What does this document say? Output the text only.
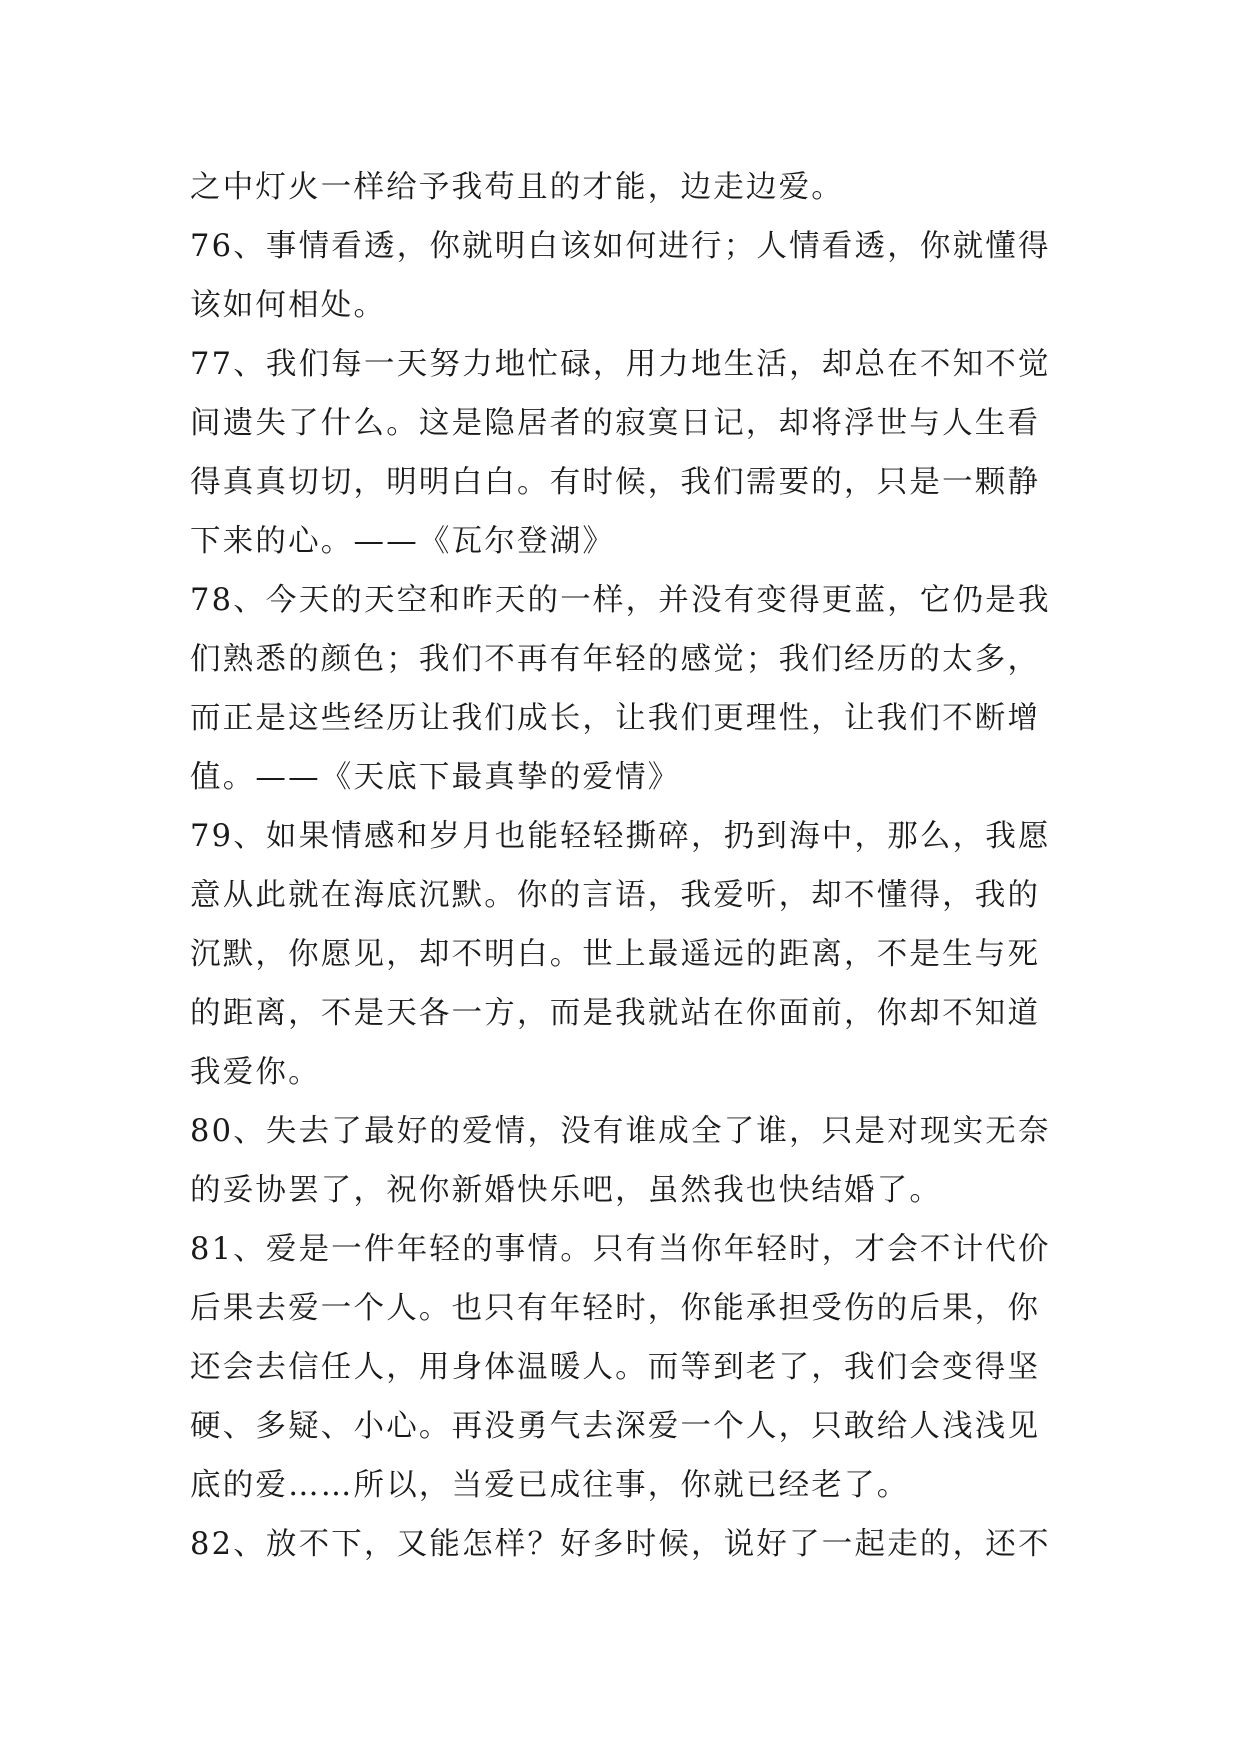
之中灯火一样给予我苟且的才能，边走边爱。
76、事情看透，你就明白该如何进行；人情看透，你就懂得
该如何相处。
77、我们每一天努力地忙碌，用力地生活，却总在不知不觉
间遗失了什么。这是隐居者的寂寞日记，却将浮世与人生看
得真真切切，明明白白。有时候，我们需要的，只是一颗静
下来的心。——《瓦尔登湖》
78、今天的天空和昨天的一样，并没有变得更蓝，它仍是我
们熟悉的颜色；我们不再有年轻的感觉；我们经历的太多，
而正是这些经历让我们成长，让我们更理性，让我们不断增
值。——《天底下最真挚的爱情》
79、如果情感和岁月也能轻轻撕碎，扔到海中，那么，我愿
意从此就在海底沉默。你的言语，我爱听，却不懂得，我的
沉默，你愿见，却不明白。世上最遥远的距离，不是生与死
的距离，不是天各一方，而是我就站在你面前，你却不知道
我爱你。
80、失去了最好的爱情，没有谁成全了谁，只是对现实无奈
的妥协罢了，祝你新婚快乐吧，虽然我也快结婚了。
81、爱是一件年轻的事情。只有当你年轻时，才会不计代价
后果去爱一个人。也只有年轻时，你能承担受伤的后果，你
还会去信任人，用身体温暖人。而等到老了，我们会变得坚
硬、多疑、小心。再没勇气去深爱一个人，只敢给人浅浅见
底的爱……所以，当爱已成往事，你就已经老了。
82、放不下，又能怎样？好多时候，说好了一起走的，还不
